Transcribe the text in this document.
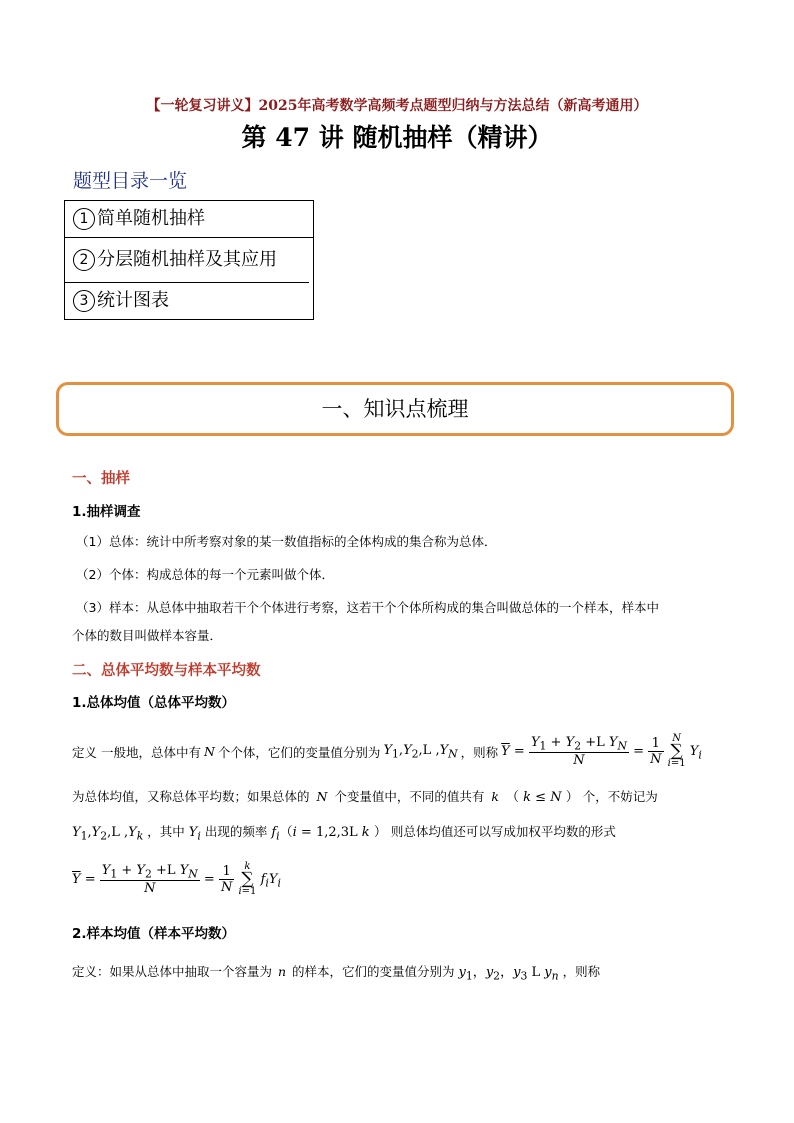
【一轮复习讲义】2025年高考数学高频考点题型归纳与方法总结（新高考通用）
第 47 讲 随机抽样（精讲）
题型目录一览
1 简单随机抽样
2 分层随机抽样及其应用
3 统计图表
一、知识点梳理
一、抽样
1.抽样调查
（1）总体：统计中所考察对象的某一数值指标的全体构成的集合称为总体．
（2）个体：构成总体的每一个元素叫做个体．
（3）样本：从总体中抽取若干个个体进行考察，这若干个个体所构成的集合叫做总体的一个样本，样本中
个体的数目叫做样本容量．
二、总体平均数与样本平均数
1.总体均值（总体平均数）
定义 一般地，总体中有 N 个个体，它们的变量值分别为 $Y_1,Y_2,L$ $,Y_N$ ，则称 $\overline{Y} = \frac{Y_1 + Y_2 +L Y_N}{N} = \frac{1}{N}$ N
∑
i=1 $Y_i$
为总体均值，又称总体平均数；如果总体的 N 个变量值中，不同的值共有 k （ k ≤ N ） 个，不妨记为
$Y_1,Y_2,L$ $,Y_k$ ，其中 $Y_i$ 出现的频率 $f_i(i = 1,2,3L$ k ） 则总体均值还可以写成加权平均数的形式
$\overline{Y} = \frac{Y_1 + Y_2 +L Y_N}{N} = \frac{1}{N}$ k
∑
i=1 $f_iY_i$
2.样本均值（样本平均数）
定义：如果从总体中抽取一个容量为 n 的样本，它们的变量值分别为 $y_1$，$y_2$，$y_3$ L $y_n$ ，则称
